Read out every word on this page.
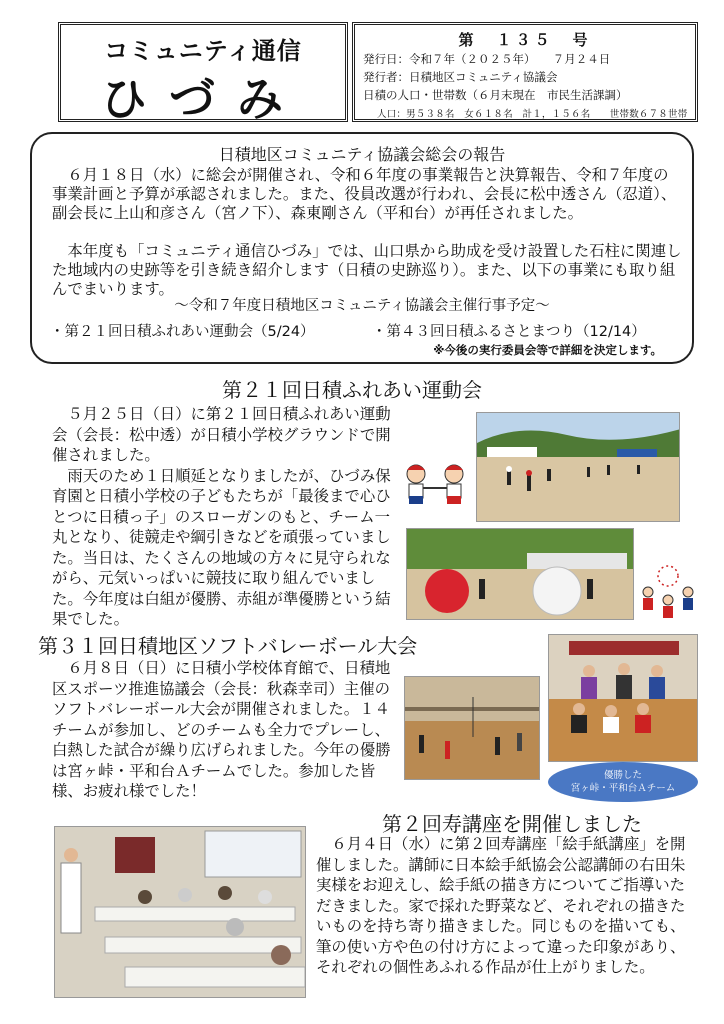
コミュニティ通信
ひづみ
第　１３５　号
発行日：令和７年（２０２５年）　　７月２４日
発行者：日積地区コミュニティ協議会
日積の人口・世帯数（６月末現在　市民生活課調）
人口：男５３８名　女６１８名　計１，１５６名　　世帯数６７８世帯
日積地区コミュニティ協議会総会の報告

　６月１８日（水）に総会が開催され、令和６年度の事業報告と決算報告、令和７年度の事業計画と予算が承認されました。また、役員改選が行われ、会長に松中透さん（忍道）、副会長に上山和彦さん（宮ノ下）、森東剛さん（平和台）が再任されました。

　本年度も「コミュニティ通信ひづみ」では、山口県から助成を受け設置した石柱に関連した地域内の史跡等を引き続き紹介します（日積の史跡巡り）。また、以下の事業にも取り組んでまいります。

～令和７年度日積地区コミュニティ協議会主催行事予定～
・第２１回日積ふれあい運動会（5/24）	・第４３回日積ふるさとまつり（12/14）
※今後の実行委員会等で詳細を決定します。
第２１回日積ふれあい運動会

　５月２５日（日）に第２１回日積ふれあい運動会（会長：松中透）が日積小学校グラウンドで開催されました。

　雨天のため１日順延となりましたが、ひづみ保育園と日積小学校の子どもたちが「最後まで心ひとつに日積っ子」のスローガンのもと、チーム一丸となり、徒競走や綱引きなどを頑張っていました。当日は、たくさんの地域の方々に見守られながら、元気いっぱいに競技に取り組んでいました。今年度は白組が優勝、赤組が準優勝という結果でした。

第３１回日積地区ソフトバレーボール大会

　６月８日（日）に日積小学校体育館で、日積地区スポーツ推進協議会（会長：秋森幸司）主催のソフトバレーボール大会が開催されました。１４チームが参加し、どのチームも全力でプレーし、白熱した試合が繰り広げられました。今年の優勝は宮ヶ峠・平和台Ａチームでした。参加した皆様、お疲れ様でした！

優勝した
宮ヶ峠・平和台Ａチーム
第２回寿講座を開催しました

　６月４日（水）に第２回寿講座「絵手紙講座」を開催しました。講師に日本絵手紙協会公認講師の右田朱実様をお迎えし、絵手紙の描き方についてご指導いただきました。家で採れた野菜など、それぞれの描きたいものを持ち寄り描きました。同じものを描いても、筆の使い方や色の付け方によって違った印象があり、それぞれの個性あふれる作品が仕上がりました。
